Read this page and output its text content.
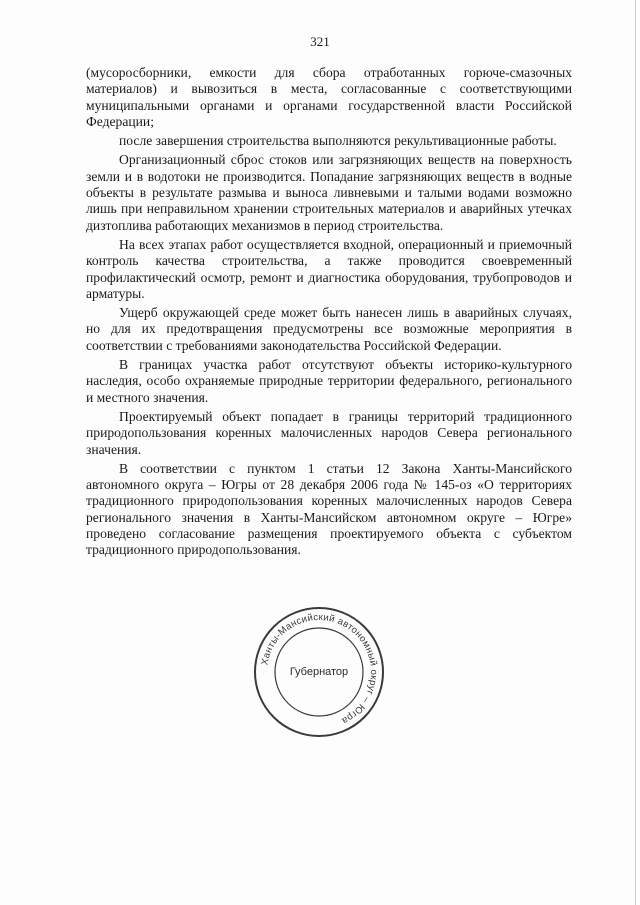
321

(мусоросборники, емкости для сбора отработанных горюче-смазочных материалов) и вывозиться в места, согласованные с соответствующими муниципальными органами и органами государственной власти Российской Федерации;

после завершения строительства выполняются рекультивационные работы.

Организационный сброс стоков или загрязняющих веществ на поверхность земли и в водотоки не производится. Попадание загрязняющих веществ в водные объекты в результате размыва и выноса ливневыми и талыми водами возможно лишь при неправильном хранении строительных материалов и аварийных утечках дизтоплива работающих механизмов в период строительства.

На всех этапах работ осуществляется входной, операционный и приемочный контроль качества строительства, а также проводится своевременный профилактический осмотр, ремонт и диагностика оборудования, трубопроводов и арматуры.

Ущерб окружающей среде может быть нанесен лишь в аварийных случаях, но для их предотвращения предусмотрены все возможные мероприятия в соответствии с требованиями законодательства Российской Федерации.

В границах участка работ отсутствуют объекты историко-культурного наследия, особо охраняемые природные территории федерального, регионального и местного значения.

Проектируемый объект попадает в границы территорий традиционного природопользования коренных малочисленных народов Севера регионального значения.

В соответствии с пунктом 1 статьи 12 Закона Ханты-Мансийского автономного округа – Югры от 28 декабря 2006 года № 145-оз «О территориях традиционного природопользования коренных малочисленных народов Севера регионального значения в Ханты-Мансийском автономном округе – Югре» проведено согласование размещения проектируемого объекта с субъектом традиционного природопользования.

Ханты-Мансийский автономный округ – Югра
Губернатор
